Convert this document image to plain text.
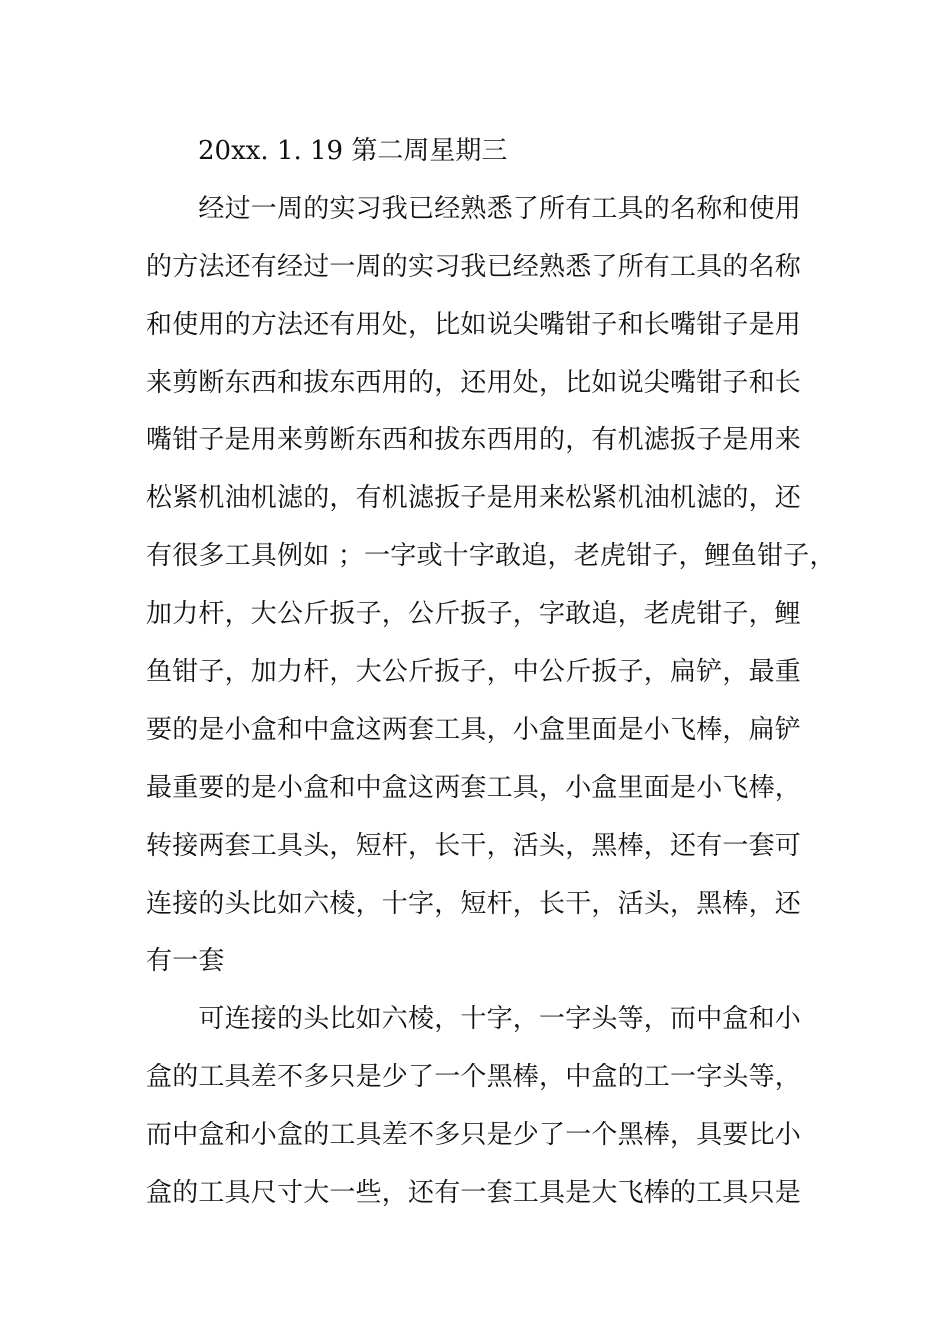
20xx. 1. 19 第二周星期三
　　经过一周的实习我已经熟悉了所有工具的名称和使用
的方法还有经过一周的实习我已经熟悉了所有工具的名称
和使用的方法还有用处，比如说尖嘴钳子和长嘴钳子是用
来剪断东西和拔东西用的，还用处，比如说尖嘴钳子和长
嘴钳子是用来剪断东西和拔东西用的，有机滤扳子是用来
松紧机油机滤的，有机滤扳子是用来松紧机油机滤的，还
有很多工具例如 ；一字或十字敢追，老虎钳子，鲤鱼钳子，
加力杆，大公斤扳子，公斤扳子，字敢追，老虎钳子，鲤
鱼钳子，加力杆，大公斤扳子，中公斤扳子，扁铲，最重
要的是小盒和中盒这两套工具，小盒里面是小飞棒，扁铲
最重要的是小盒和中盒这两套工具，小盒里面是小飞棒，
转接两套工具头，短杆，长干，活头，黑棒，还有一套可
连接的头比如六棱，十字，短杆，长干，活头，黑棒，还
有一套
　　可连接的头比如六棱，十字，一字头等，而中盒和小
盒的工具差不多只是少了一个黑棒，中盒的工一字头等，
而中盒和小盒的工具差不多只是少了一个黑棒，具要比小
盒的工具尺寸大一些，还有一套工具是大飞棒的工具只是
